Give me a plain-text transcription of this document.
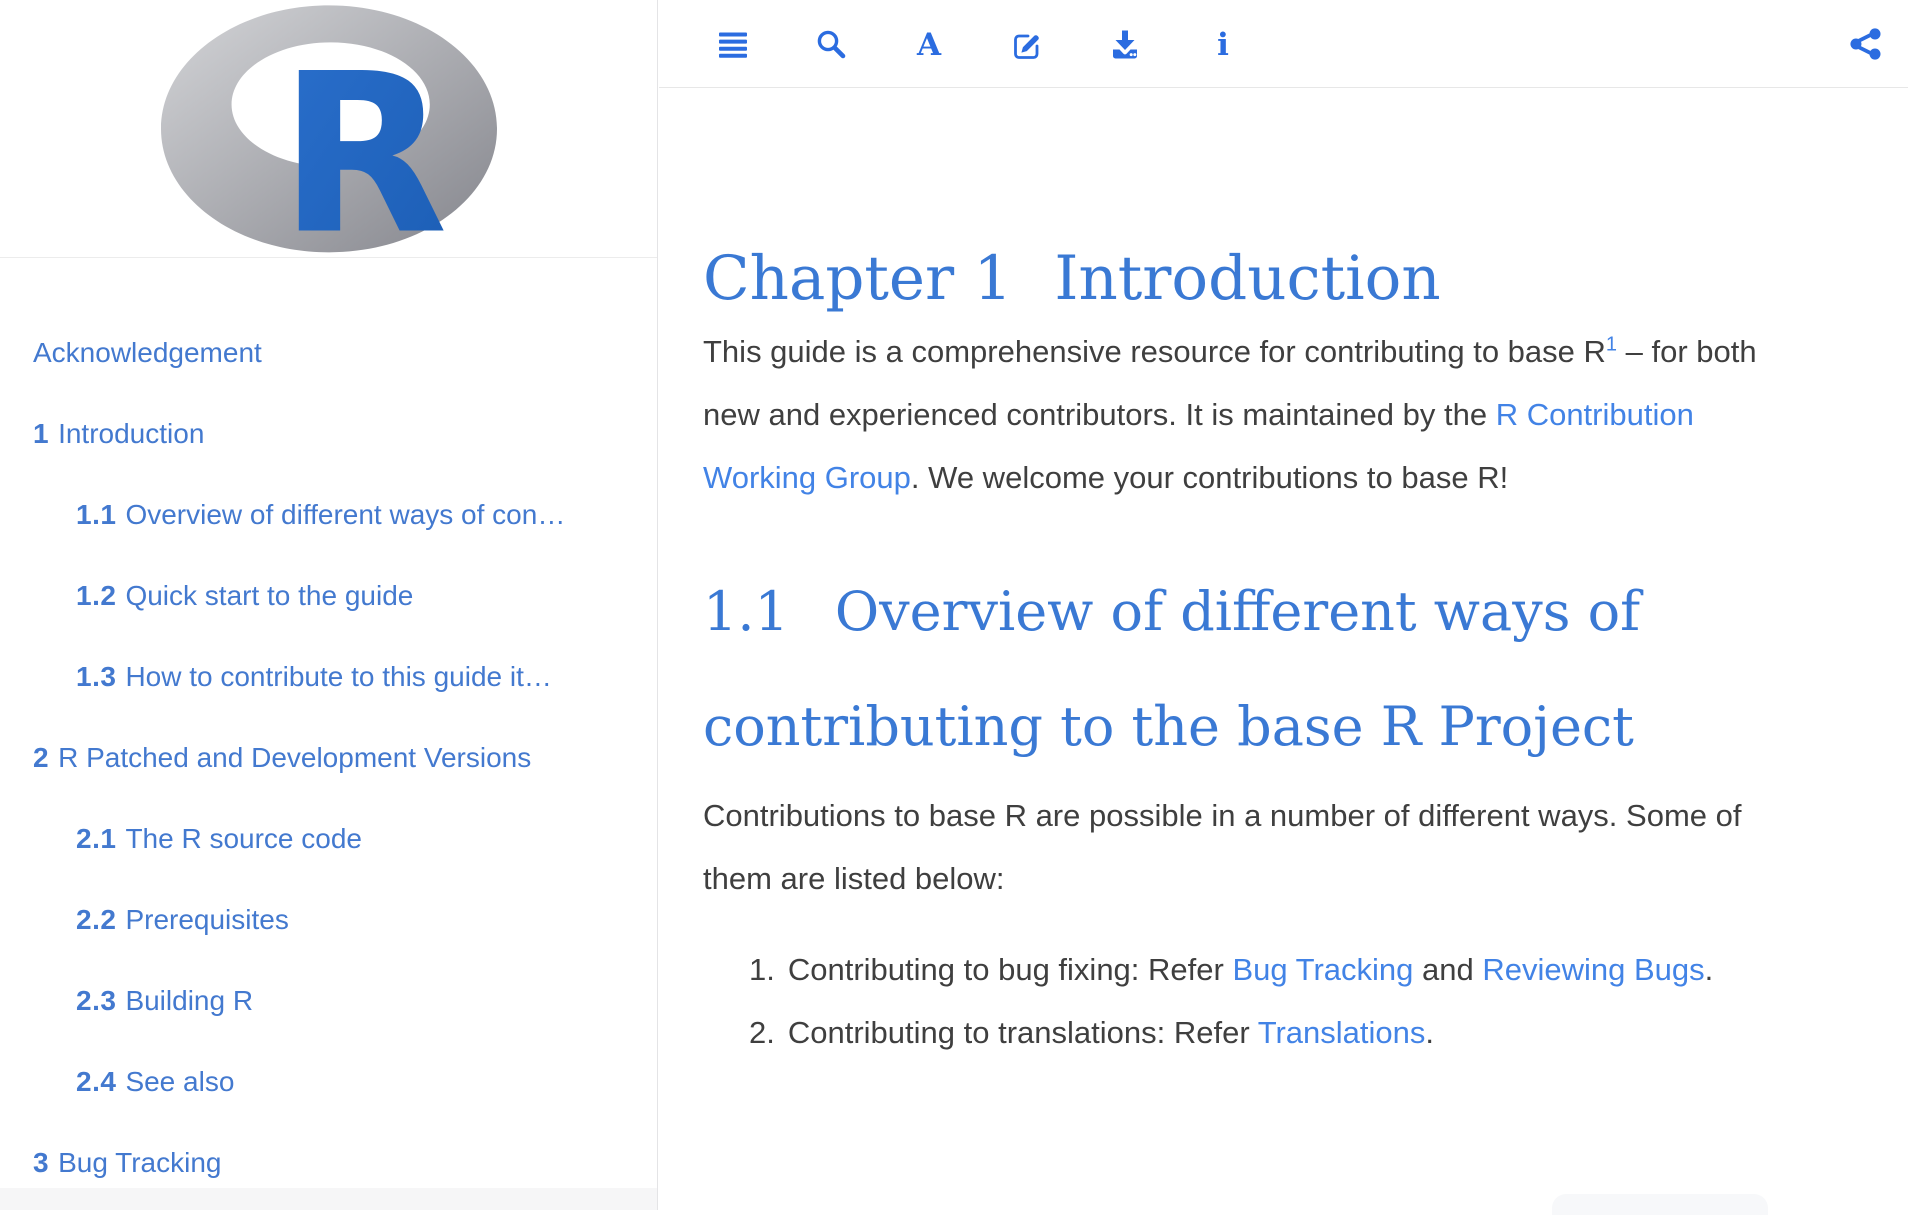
R
Acknowledgement
1 Introduction
1.1 Overview of different ways of con…
1.2 Quick start to the guide
1.3 How to contribute to this guide it…
2 R Patched and Development Versions
2.1 The R source code
2.2 Prerequisites
2.3 Building R
2.4 See also
3 Bug Tracking
A	i
Chapter 1 Introduction

This guide is a comprehensive resource for contributing to base $R^1$ – for both new and experienced contributors. It is maintained by the R Contribution Working Group. We welcome your contributions to base R!

1.1 Overview of different ways of contributing to the base R Project

Contributions to base R are possible in a number of different ways. Some of them are listed below:

1. Contributing to bug fixing: Refer Bug Tracking and Reviewing Bugs.
2. Contributing to translations: Refer Translations.
